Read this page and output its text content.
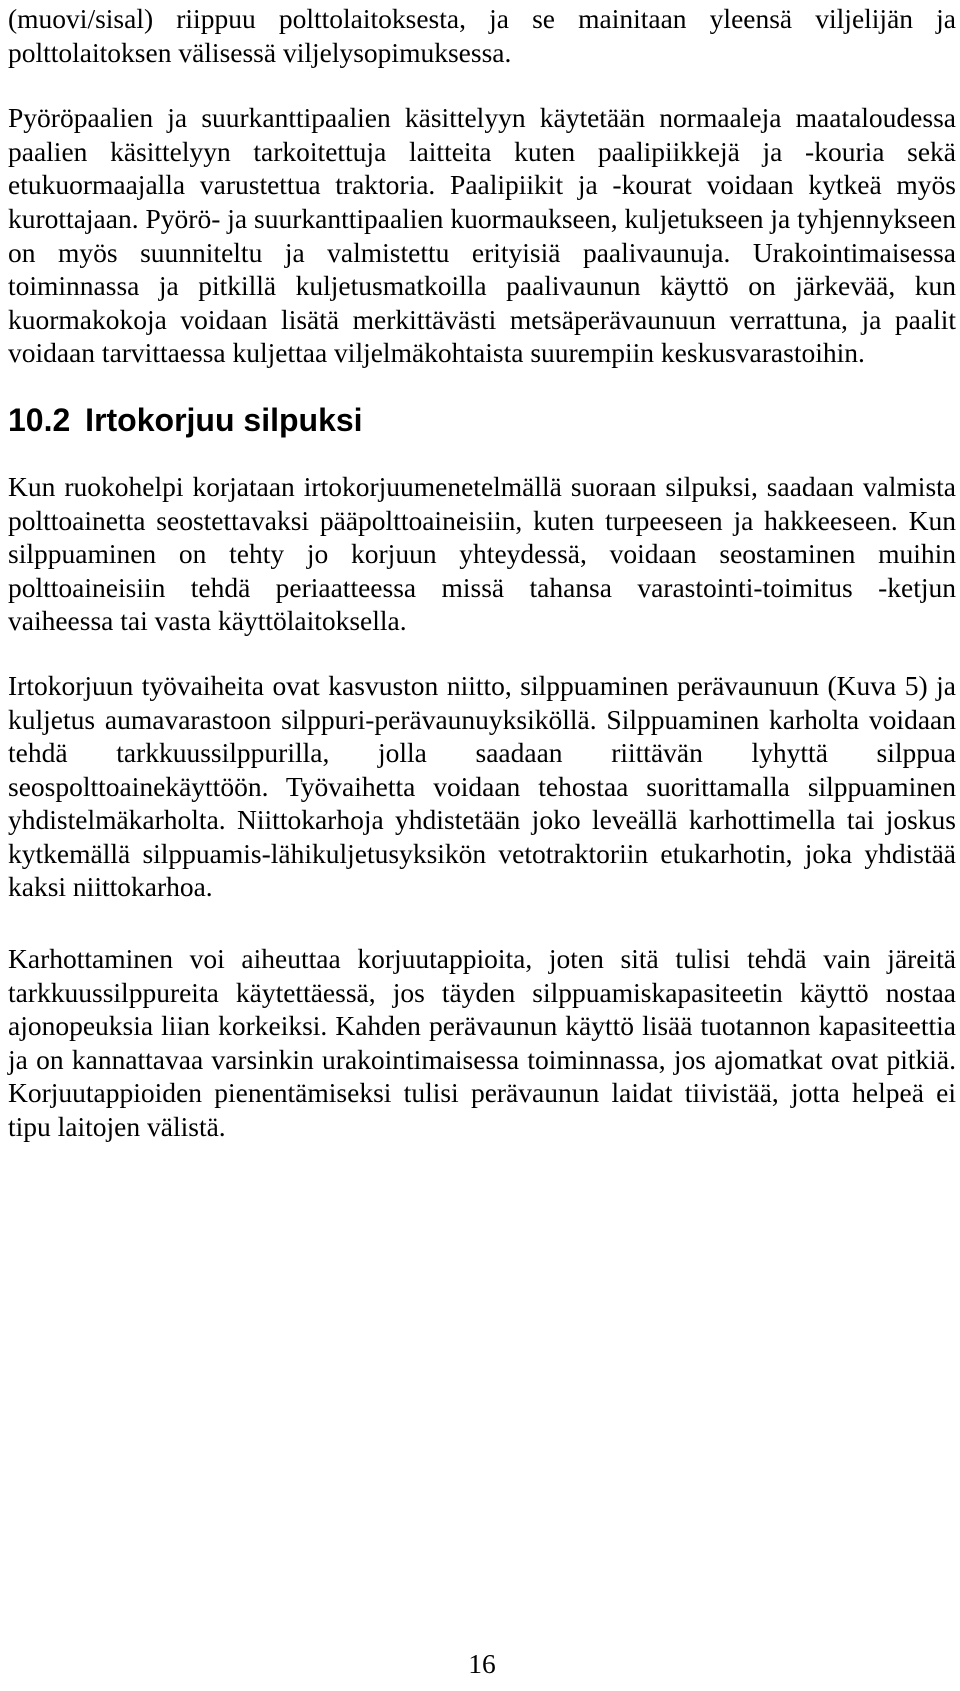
(muovi/sisal) riippuu polttolaitoksesta, ja se mainitaan yleensä viljelijän ja polttolaitoksen välisessä viljelysopimuksessa.

Pyöröpaalien ja suurkanttipaalien käsittelyyn käytetään normaaleja maataloudessa paalien käsittelyyn tarkoitettuja laitteita kuten paalipiikkejä ja -kouria sekä etukuormaajalla varustettua traktoria. Paalipiikit ja -kourat voidaan kytkeä myös kurottajaan. Pyörö- ja suurkanttipaalien kuormaukseen, kuljetukseen ja tyhjennykseen on myös suunniteltu ja valmistettu erityisiä paalivaunuja. Urakointimaisessa toiminnassa ja pitkillä kuljetusmatkoilla paalivaunun käyttö on järkevää, kun kuormakokoja voidaan lisätä merkittävästi metsäperävaunuun verrattuna, ja paalit voidaan tarvittaessa kuljettaa viljelmäkohtaista suurempiin keskusvarastoihin.

10.2 Irtokorjuu silpuksi

Kun ruokohelpi korjataan irtokorjuumenetelmällä suoraan silpuksi, saadaan valmista polttoainetta seostettavaksi pääpolttoaineisiin, kuten turpeeseen ja hakkeeseen. Kun silppuaminen on tehty jo korjuun yhteydessä, voidaan seostaminen muihin polttoaineisiin tehdä periaatteessa missä tahansa varastointi-toimitus -ketjun vaiheessa tai vasta käyttölaitoksella.

Irtokorjuun työvaiheita ovat kasvuston niitto, silppuaminen perävaunuun (Kuva 5) ja kuljetus aumavarastoon silppuri-perävaunuyksiköllä. Silppuaminen karholta voidaan tehdä tarkkuussilppurilla, jolla saadaan riittävän lyhyttä silppua seospolttoainekäyttöön. Työvaihetta voidaan tehostaa suorittamalla silppuaminen yhdistelmäkarholta. Niittokarhoja yhdistetään joko leveällä karhottimella tai joskus kytkemällä silppuamis-lähikuljetusyksikön vetotraktoriin etukarhotin, joka yhdistää kaksi niittokarhoa.

Karhottaminen voi aiheuttaa korjuutappioita, joten sitä tulisi tehdä vain järeitä tarkkuussilppureita käytettäessä, jos täyden silppuamiskapasiteetin käyttö nostaa ajonopeuksia liian korkeiksi. Kahden perävaunun käyttö lisää tuotannon kapasiteettia ja on kannattavaa varsinkin urakointimaisessa toiminnassa, jos ajomatkat ovat pitkiä. Korjuutappioiden pienentämiseksi tulisi perävaunun laidat tiivistää, jotta helpeä ei tipu laitojen välistä.

16
